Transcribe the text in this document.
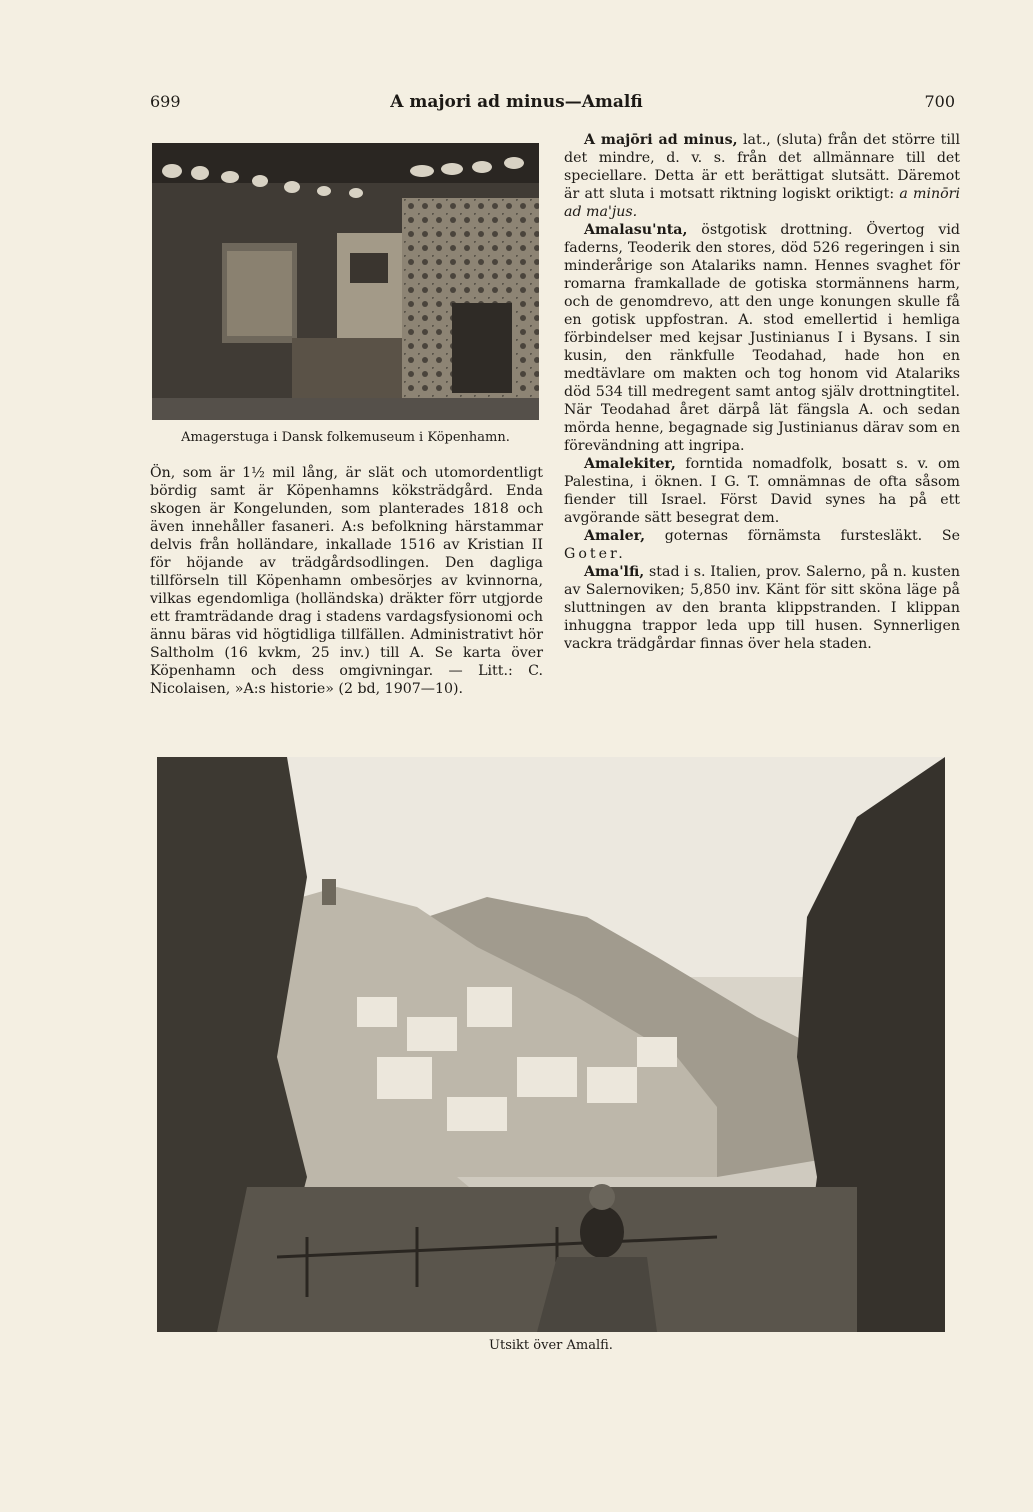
699	A majori ad minus—Amalfi	700
Amagerstuga i Dansk folkemuseum i Köpenhamn.

Ön, som är 1½ mil lång, är slät och utomordentligt bördig samt är Köpenhamns köksträdgård. Enda skogen är Kongelunden, som planterades 1818 och även innehåller fasaneri. A:s befolkning härstammar delvis från holländare, inkallade 1516 av Kristian II för höjande av trädgårdsodlingen. Den dagliga tillförseln till Köpenhamn ombesörjes av kvinnorna, vilkas egendomliga (holländska) dräkter förr utgjorde ett framträdande drag i stadens vardagsfysionomi och ännu bäras vid högtidliga tillfällen. Administrativt hör Saltholm (16 kvkm, 25 inv.) till A. Se karta över Köpenhamn och dess omgivningar. — Litt.: C. Nicolaisen, »A:s historie» (2 bd, 1907—10).

A majōri ad minus, lat., (sluta) från det större till det mindre, d. v. s. från det allmännare till det speciellare. Detta är ett berättigat slutsätt. Däremot är att sluta i motsatt riktning logiskt oriktigt: a minōri ad ma'jus.

Amalasu'nta, östgotisk drottning. Övertog vid faderns, Teoderik den stores, död 526 regeringen i sin minderårige son Atalariks namn. Hennes svaghet för romarna framkallade de gotiska stormännens harm, och de genomdrevo, att den unge konungen skulle få en gotisk uppfostran. A. stod emellertid i hemliga förbindelser med kejsar Justinianus I i Bysans. I sin kusin, den ränkfulle Teodahad, hade hon en medtävlare om makten och tog honom vid Atalariks död 534 till medregent samt antog själv drottningtitel. När Teodahad året därpå lät fängsla A. och sedan mörda henne, begagnade sig Justinianus därav som en förevändning att ingripa.

Amalekiter, forntida nomadfolk, bosatt s. v. om Palestina, i öknen. I G. T. omnämnas de ofta såsom fiender till Israel. Först David synes ha på ett avgörande sätt besegrat dem.

Amaler, goternas förnämsta furstesläkt. Se Goter.

Ama'lfi, stad i s. Italien, prov. Salerno, på n. kusten av Salernoviken; 5,850 inv. Känt för sitt sköna läge på sluttningen av den branta klippstranden. I klippan inhuggna trappor leda upp till husen. Synnerligen vackra trädgårdar finnas över hela staden.

Utsikt över Amalfi.
